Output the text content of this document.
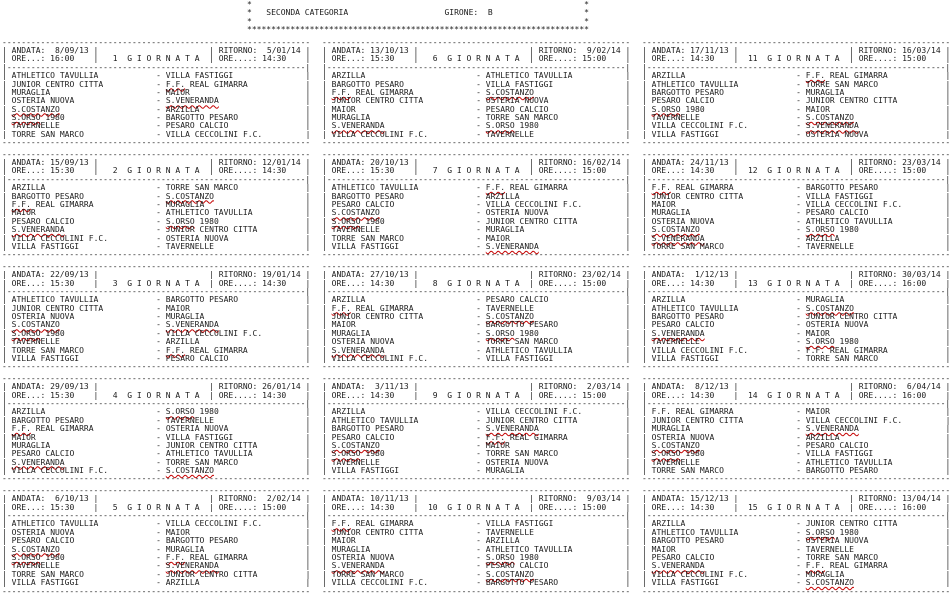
*                                                                     *
*   SECONDA CATEGORIA	GIRONE: B                   *
*                                                                     *
***********************************************************************
----------------------------------------------------------------
| ANDATA:  8/09/13 |                       | RITORNO:  5/01/14 |
| ORE...: 16:00    |   1 G I O R N A T A  | ORE....: 14:30    |
|--------------------------------------------------------------|
| ATHLETICO TAVULLIA	- VILLA FASTIGGI	|
| JUNIOR CENTRO CITTA	- F.F. REAL GIMARRA	|
| MURAGLIA	- MAIOR	|
| OSTERIA NUOVA	- S.VENERANDA	|
| S.COSTANZO	- ARZILLA	|
| S.ORSO 1980	- BARGOTTO PESARO	|
| TAVERNELLE	- PESARO CALCIO	|
| TORRE SAN MARCO	- VILLA CECCOLINI F.C.	|
----------------------------------------------------------------
----------------------------------------------------------------
| ANDATA: 15/09/13 |                       | RITORNO: 12/01/14 |
| ORE...: 15:30    |   2 G I O R N A T A  | ORE....: 14:30    |
|--------------------------------------------------------------|
| ARZILLA	- TORRE SAN MARCO	|
| BARGOTTO PESARO	- S.COSTANZO	|
| F.F. REAL GIMARRA	- MURAGLIA	|
| MAIOR	- ATHLETICO TAVULLIA	|
| PESARO CALCIO	- S.ORSO 1980	|
| S.VENERANDA	- JUNIOR CENTRO CITTA	|
| VILLA CECCOLINI F.C.	- OSTERIA NUOVA	|
| VILLA FASTIGGI	- TAVERNELLE	|
----------------------------------------------------------------
----------------------------------------------------------------
| ANDATA: 22/09/13 |                       | RITORNO: 19/01/14 |
| ORE...: 15:30    |   3 G I O R N A T A  | ORE....: 14:30    |
|--------------------------------------------------------------|
| ATHLETICO TAVULLIA	- BARGOTTO PESARO	|
| JUNIOR CENTRO CITTA	- MAIOR	|
| OSTERIA NUOVA	- MURAGLIA	|
| S.COSTANZO	- S.VENERANDA	|
| S.ORSO 1980	- VILLA CECCOLINI F.C.	|
| TAVERNELLE	- ARZILLA	|
| TORRE SAN MARCO	- F.F. REAL GIMARRA	|
| VILLA FASTIGGI	- PESARO CALCIO	|
----------------------------------------------------------------
----------------------------------------------------------------
| ANDATA: 29/09/13 |                       | RITORNO: 26/01/14 |
| ORE...: 15:30    |   4 G I O R N A T A  | ORE....: 14:30    |
|--------------------------------------------------------------|
| ARZILLA	- S.ORSO 1980	|
| BARGOTTO PESARO	- TAVERNELLE	|
| F.F. REAL GIMARRA	- OSTERIA NUOVA	|
| MAIOR	- VILLA FASTIGGI	|
| MURAGLIA	- JUNIOR CENTRO CITTA	|
| PESARO CALCIO	- ATHLETICO TAVULLIA	|
| S.VENERANDA	- TORRE SAN MARCO	|
| VILLA CECCOLINI F.C.	- S.COSTANZO	|
----------------------------------------------------------------
----------------------------------------------------------------
| ANDATA:  6/10/13 |                       | RITORNO:  2/02/14 |
| ORE...: 15:30    |   5 G I O R N A T A  | ORE....: 15:00    |
|--------------------------------------------------------------|
| ATHLETICO TAVULLIA	- VILLA CECCOLINI F.C.	|
| OSTERIA NUOVA	- MAIOR	|
| PESARO CALCIO	- BARGOTTO PESARO	|
| S.COSTANZO	- MURAGLIA	|
| S.ORSO 1980	- F.F. REAL GIMARRA	|
| TAVERNELLE	- S.VENERANDA	|
| TORRE SAN MARCO	- JUNIOR CENTRO CITTA	|
| VILLA FASTIGGI	- ARZILLA	|
----------------------------------------------------------------
----------------------------------------------------------------
| ANDATA: 13/10/13 |                       | RITORNO:  9/02/14 |
| ORE...: 15:30    |   6 G I O R N A T A  | ORE....: 15:00    |
|--------------------------------------------------------------|
| ARZILLA	- ATHLETICO TAVULLIA	|
| BARGOTTO PESARO	- VILLA FASTIGGI	|
| F.F. REAL GIMARRA	- S.COSTANZO	|
| JUNIOR CENTRO CITTA	- OSTERIA NUOVA	|
| MAIOR	- PESARO CALCIO	|
| MURAGLIA	- TORRE SAN MARCO	|
| S.VENERANDA	- S.ORSO 1980	|
| VILLA CECCOLINI F.C.	- TAVERNELLE	|
----------------------------------------------------------------
----------------------------------------------------------------
| ANDATA: 20/10/13 |                       | RITORNO: 16/02/14 |
| ORE...: 15:30    |   7 G I O R N A T A  | ORE....: 15:00    |
|--------------------------------------------------------------|
| ATHLETICO TAVULLIA	- F.F. REAL GIMARRA	|
| BARGOTTO PESARO	- ARZILLA	|
| PESARO CALCIO	- VILLA CECCOLINI F.C.	|
| S.COSTANZO	- OSTERIA NUOVA	|
| S.ORSO 1980	- JUNIOR CENTRO CITTA	|
| TAVERNELLE	- MURAGLIA	|
| TORRE SAN MARCO	- MAIOR	|
| VILLA FASTIGGI	- S.VENERANDA	|
----------------------------------------------------------------
----------------------------------------------------------------
| ANDATA: 27/10/13 |                       | RITORNO: 23/02/14 |
| ORE...: 14:30    |   8 G I O R N A T A  | ORE....: 15:00    |
|--------------------------------------------------------------|
| ARZILLA	- PESARO CALCIO	|
| F.F. REAL GIMARRA	- TAVERNELLE	|
| JUNIOR CENTRO CITTA	- S.COSTANZO	|
| MAIOR	- BARGOTTO PESARO	|
| MURAGLIA	- S.ORSO 1980	|
| OSTERIA NUOVA	- TORRE SAN MARCO	|
| S.VENERANDA	- ATHLETICO TAVULLIA	|
| VILLA CECCOLINI F.C.	- VILLA FASTIGGI	|
----------------------------------------------------------------
----------------------------------------------------------------
| ANDATA:  3/11/13 |                       | RITORNO:  2/03/14 |
| ORE...: 14:30    |   9 G I O R N A T A  | ORE....: 15:00    |
|--------------------------------------------------------------|
| ARZILLA	- VILLA CECCOLINI F.C.	|
| ATHLETICO TAVULLIA	- JUNIOR CENTRO CITTA	|
| BARGOTTO PESARO	- S.VENERANDA	|
| PESARO CALCIO	- F.F. REAL GIMARRA	|
| S.COSTANZO	- MAIOR	|
| S.ORSO 1980	- TORRE SAN MARCO	|
| TAVERNELLE	- OSTERIA NUOVA	|
| VILLA FASTIGGI	- MURAGLIA	|
----------------------------------------------------------------
----------------------------------------------------------------
| ANDATA: 10/11/13 |                       | RITORNO:  9/03/14 |
| ORE...: 14:30    |  10 G I O R N A T A  | ORE....: 15:00    |
|--------------------------------------------------------------|
| F.F. REAL GIMARRA	- VILLA FASTIGGI	|
| JUNIOR CENTRO CITTA	- TAVERNELLE	|
| MAIOR	- ARZILLA	|
| MURAGLIA	- ATHLETICO TAVULLIA	|
| OSTERIA NUOVA	- S.ORSO 1980	|
| S.VENERANDA	- PESARO CALCIO	|
| TORRE SAN MARCO	- S.COSTANZO	|
| VILLA CECCOLINI F.C.	- BARGOTTO PESARO	|
----------------------------------------------------------------
----------------------------------------------------------------
| ANDATA: 17/11/13 |                       | RITORNO: 16/03/14 |
| ORE...: 14:30    |  11 G I O R N A T A  | ORE....: 15:00    |
|--------------------------------------------------------------|
| ARZILLA	- F.F. REAL GIMARRA	|
| ATHLETICO TAVULLIA	- TORRE SAN MARCO	|
| BARGOTTO PESARO	- MURAGLIA	|
| PESARO CALCIO	- JUNIOR CENTRO CITTA	|
| S.ORSO 1980	- MAIOR	|
| TAVERNELLE	- S.COSTANZO	|
| VILLA CECCOLINI F.C.	- S.VENERANDA	|
| VILLA FASTIGGI	- OSTERIA NUOVA	|
----------------------------------------------------------------
----------------------------------------------------------------
| ANDATA: 24/11/13 |                       | RITORNO: 23/03/14 |
| ORE...: 14:30    |  12 G I O R N A T A  | ORE....: 15:00    |
|--------------------------------------------------------------|
| F.F. REAL GIMARRA	- BARGOTTO PESARO	|
| JUNIOR CENTRO CITTA	- VILLA FASTIGGI	|
| MAIOR	- VILLA CECCOLINI F.C.	|
| MURAGLIA	- PESARO CALCIO	|
| OSTERIA NUOVA	- ATHLETICO TAVULLIA	|
| S.COSTANZO	- S.ORSO 1980	|
| S.VENERANDA	- ARZILLA	|
| TORRE SAN MARCO	- TAVERNELLE	|
----------------------------------------------------------------
----------------------------------------------------------------
| ANDATA:  1/12/13 |                       | RITORNO: 30/03/14 |
| ORE...: 14:30    |  13 G I O R N A T A  | ORE....: 16:00    |
|--------------------------------------------------------------|
| ARZILLA	- MURAGLIA	|
| ATHLETICO TAVULLIA	- S.COSTANZO	|
| BARGOTTO PESARO	- JUNIOR CENTRO CITTA	|
| PESARO CALCIO	- OSTERIA NUOVA	|
| S.VENERANDA	- MAIOR	|
| TAVERNELLE	- S.ORSO 1980	|
| VILLA CECCOLINI F.C.	- F.F. REAL GIMARRA	|
| VILLA FASTIGGI	- TORRE SAN MARCO	|
----------------------------------------------------------------
----------------------------------------------------------------
| ANDATA:  8/12/13 |                       | RITORNO:  6/04/14 |
| ORE...: 14:30    |  14 G I O R N A T A  | ORE....: 16:00    |
|--------------------------------------------------------------|
| F.F. REAL GIMARRA	- MAIOR	|
| JUNIOR CENTRO CITTA	- VILLA CECCOLINI F.C.	|
| MURAGLIA	- S.VENERANDA	|
| OSTERIA NUOVA	- ARZILLA	|
| S.COSTANZO	- PESARO CALCIO	|
| S.ORSO 1980	- VILLA FASTIGGI	|
| TAVERNELLE	- ATHLETICO TAVULLIA	|
| TORRE SAN MARCO	- BARGOTTO PESARO	|
----------------------------------------------------------------
----------------------------------------------------------------
| ANDATA: 15/12/13 |                       | RITORNO: 13/04/14 |
| ORE...: 14:30    |  15 G I O R N A T A  | ORE....: 16:00    |
|--------------------------------------------------------------|
| ARZILLA	- JUNIOR CENTRO CITTA	|
| ATHLETICO TAVULLIA	- S.ORSO 1980	|
| BARGOTTO PESARO	- OSTERIA NUOVA	|
| MAIOR	- TAVERNELLE	|
| PESARO CALCIO	- TORRE SAN MARCO	|
| S.VENERANDA	- F.F. REAL GIMARRA	|
| VILLA CECCOLINI F.C.	- MURAGLIA	|
| VILLA FASTIGGI	- S.COSTANZO	|
----------------------------------------------------------------
